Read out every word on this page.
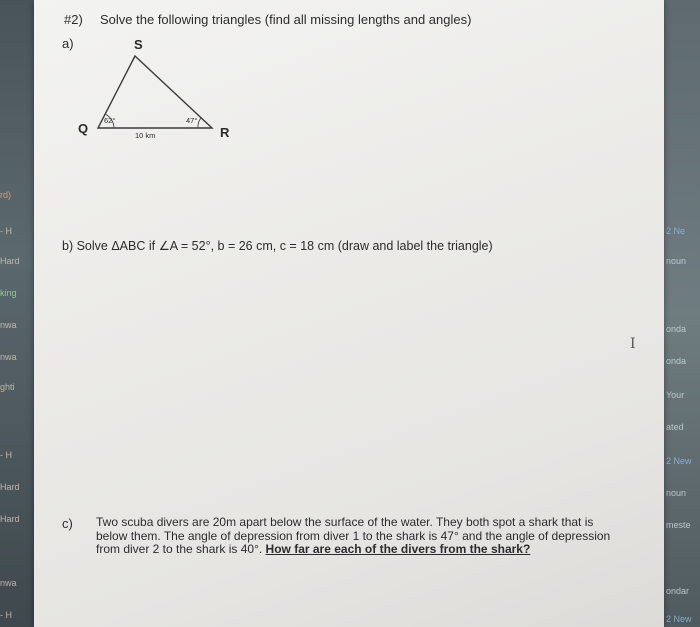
rd)
- H
Hard
king
nwa
nwa
ghti
- H
Hard
Hard
nwa
- H
2 Ne
noun
onda
onda
Your
ated
2 New
noun
meste
ondar
2 New
#2) Solve the following triangles (find all missing lengths and angles)
a)	S
Q	R
62°	47°
10 km
b) Solve ΔABC if ∠A = 52°, b = 26 cm, c = 18 cm (draw and label the triangle)
I
c) Two scuba divers are 20m apart below the surface of the water. They both spot a shark that is below them. The angle of depression from diver 1 to the shark is 47° and the angle of depression from diver 2 to the shark is 40°. How far are each of the divers from the shark?
